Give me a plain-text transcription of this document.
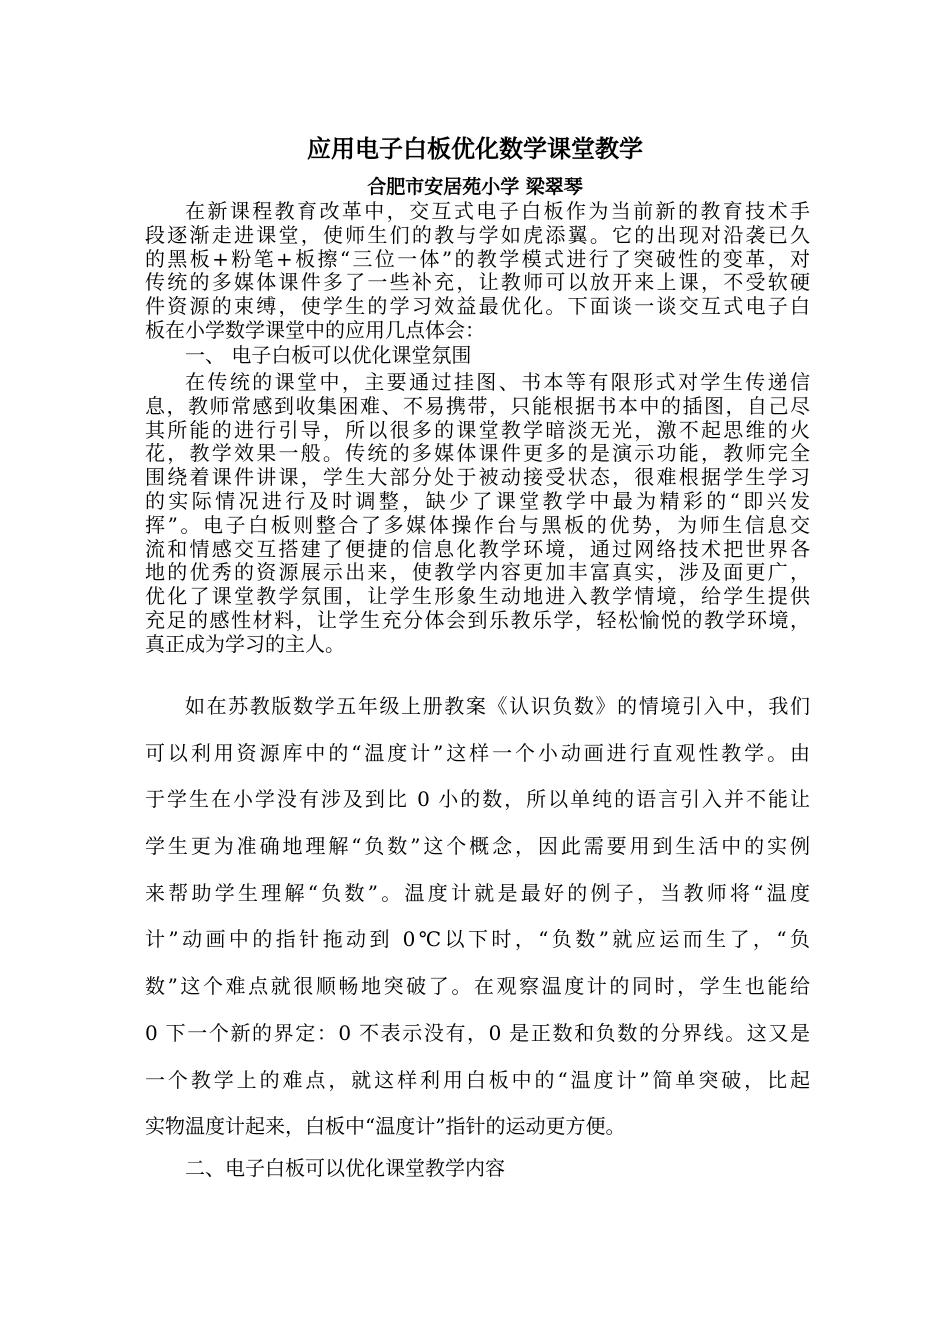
应用电子白板优化数学课堂教学
合肥市安居苑小学 梁翠琴
在新课程教育改革中，交互式电子白板作为当前新的教育技术手
段逐渐走进课堂，使师生们的教与学如虎添翼。它的出现对沿袭已久
的黑板+粉笔+板擦“三位一体”的教学模式进行了突破性的变革，对
传统的多媒体课件多了一些补充，让教师可以放开来上课，不受软硬
件资源的束缚，使学生的学习效益最优化。下面谈一谈交互式电子白
板在小学数学课堂中的应用几点体会：
一、 电子白板可以优化课堂氛围
在传统的课堂中，主要通过挂图、书本等有限形式对学生传递信
息，教师常感到收集困难、不易携带，只能根据书本中的插图，自己尽
其所能的进行引导，所以很多的课堂教学暗淡无光，激不起思维的火
花，教学效果一般。传统的多媒体课件更多的是演示功能，教师完全
围绕着课件讲课，学生大部分处于被动接受状态，很难根据学生学习
的实际情况进行及时调整，缺少了课堂教学中最为精彩的“即兴发
挥”。电子白板则整合了多媒体操作台与黑板的优势，为师生信息交
流和情感交互搭建了便捷的信息化教学环境，通过网络技术把世界各
地的优秀的资源展示出来，使教学内容更加丰富真实，涉及面更广，
优化了课堂教学氛围，让学生形象生动地进入教学情境，给学生提供
充足的感性材料，让学生充分体会到乐教乐学，轻松愉悦的教学环境，
真正成为学习的主人。
如在苏教版数学五年级上册教案《认识负数》的情境引入中，我们
可以利用资源库中的“温度计”这样一个小动画进行直观性教学。由
于学生在小学没有涉及到比 0 小的数，所以单纯的语言引入并不能让
学生更为准确地理解“负数”这个概念，因此需要用到生活中的实例
来帮助学生理解“负数”。温度计就是最好的例子，当教师将“温度
计”动画中的指针拖动到 0℃以下时，“负数”就应运而生了，“负
数”这个难点就很顺畅地突破了。在观察温度计的同时，学生也能给
0 下一个新的界定：0 不表示没有，0 是正数和负数的分界线。这又是
一个教学上的难点，就这样利用白板中的“温度计”简单突破，比起
实物温度计起来，白板中“温度计”指针的运动更方便。
二、电子白板可以优化课堂教学内容
